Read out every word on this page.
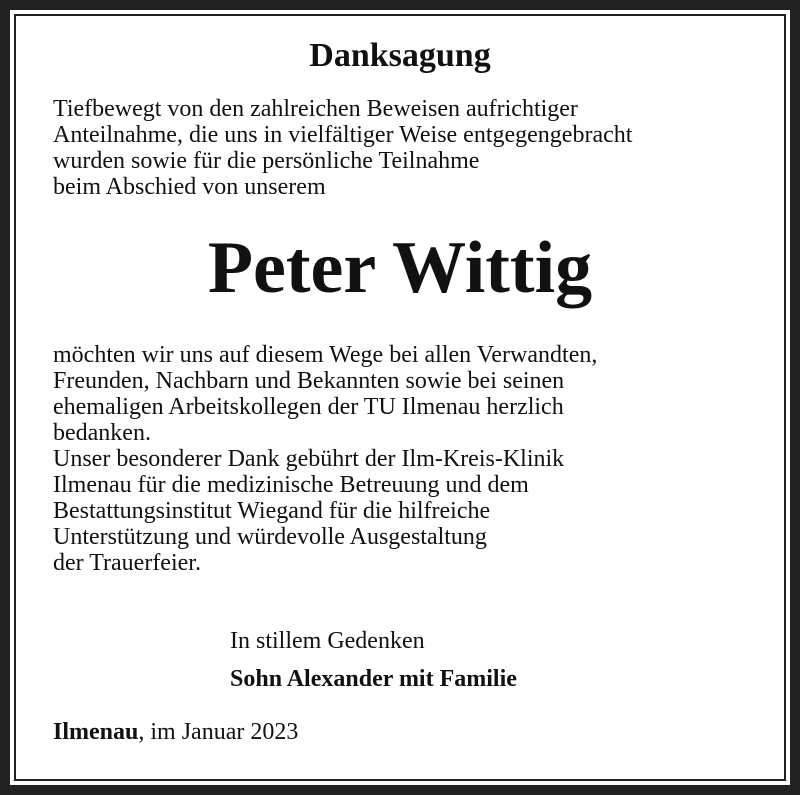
Danksagung
Tiefbewegt von den zahlreichen Beweisen aufrichtiger
Anteilnahme, die uns in vielfältiger Weise entgegengebracht
wurden sowie für die persönliche Teilnahme
beim Abschied von unserem
Peter Wittig
möchten wir uns auf diesem Wege bei allen Verwandten,
Freunden, Nachbarn und Bekannten sowie bei seinen
ehemaligen Arbeitskollegen der TU Ilmenau herzlich
bedanken.
Unser besonderer Dank gebührt der Ilm-Kreis-Klinik
Ilmenau für die medizinische Betreuung und dem
Bestattungsinstitut Wiegand für die hilfreiche
Unterstützung und würdevolle Ausgestaltung
der Trauerfeier.
In stillem Gedenken
Sohn Alexander mit Familie
Ilmenau, im Januar 2023
